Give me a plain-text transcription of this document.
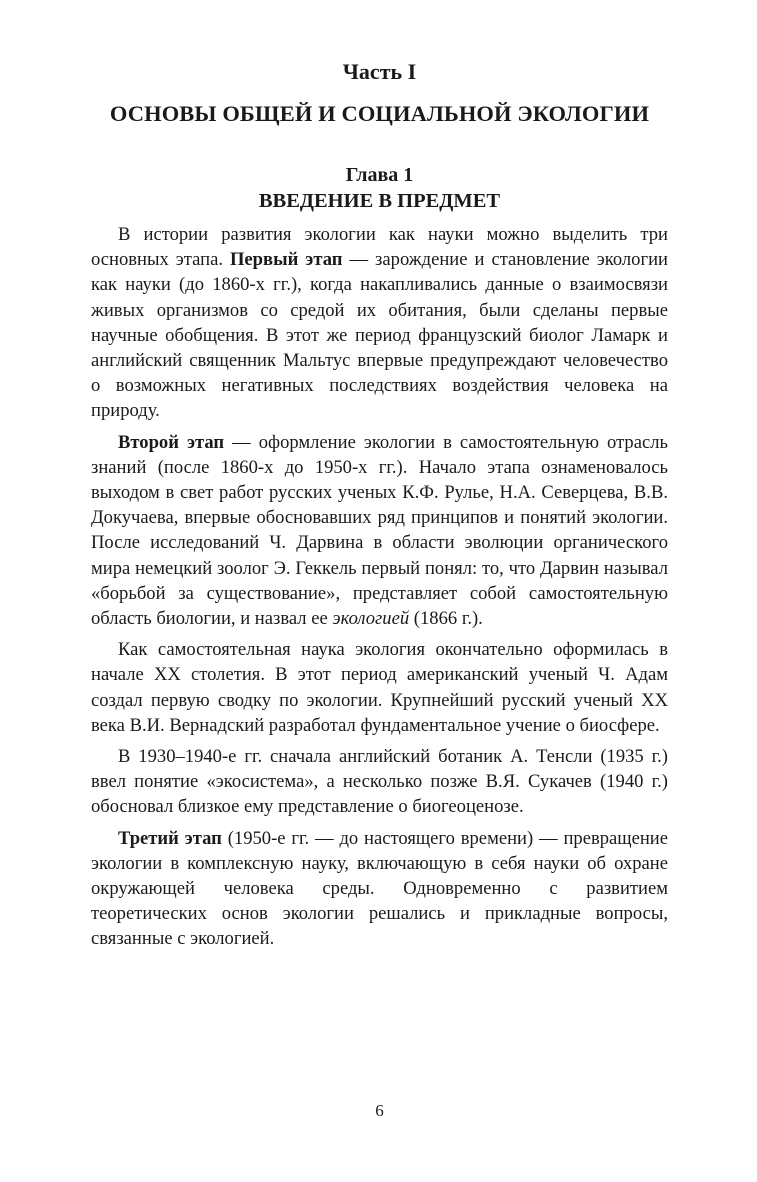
Часть I
ОСНОВЫ ОБЩЕЙ И СОЦИАЛЬНОЙ ЭКОЛОГИИ
Глава 1
ВВЕДЕНИЕ В ПРЕДМЕТ

В истории развития экологии как науки можно выделить три основных этапа. Первый этап — зарождение и становление экологии как науки (до 1860-х гг.), когда накапливались данные о взаимосвязи живых организмов со средой их обитания, были сделаны первые научные обобщения. В этот же период французский биолог Ламарк и английский священник Мальтус впервые предупреждают человечество о возможных негативных последствиях воздействия человека на природу.

Второй этап — оформление экологии в самостоятельную отрасль знаний (после 1860-х до 1950-х гг.). Начало этапа ознаменовалось выходом в свет работ русских ученых К.Ф. Рулье, Н.А. Северцева, В.В. Докучаева, впервые обосновавших ряд принципов и понятий экологии. После исследований Ч. Дарвина в области эволюции органического мира немецкий зоолог Э. Геккель первый понял: то, что Дарвин называл «борьбой за существование», представляет собой самостоятельную область биологии, и назвал ее экологией (1866 г.).

Как самостоятельная наука экология окончательно оформилась в начале XX столетия. В этот период американский ученый Ч. Адам создал первую сводку по экологии. Крупнейший русский ученый XX века В.И. Вернадский разработал фундаментальное учение о биосфере.

В 1930–1940-е гг. сначала английский ботаник А. Тенсли (1935 г.) ввел понятие «экосистема», а несколько позже В.Я. Сукачев (1940 г.) обосновал близкое ему представление о биогеоценозе.

Третий этап (1950-е гг. — до настоящего времени) — превращение экологии в комплексную науку, включающую в себя науки об охране окружающей человека среды. Одновременно с развитием теоретических основ экологии решались и прикладные вопросы, связанные с экологией.

6
